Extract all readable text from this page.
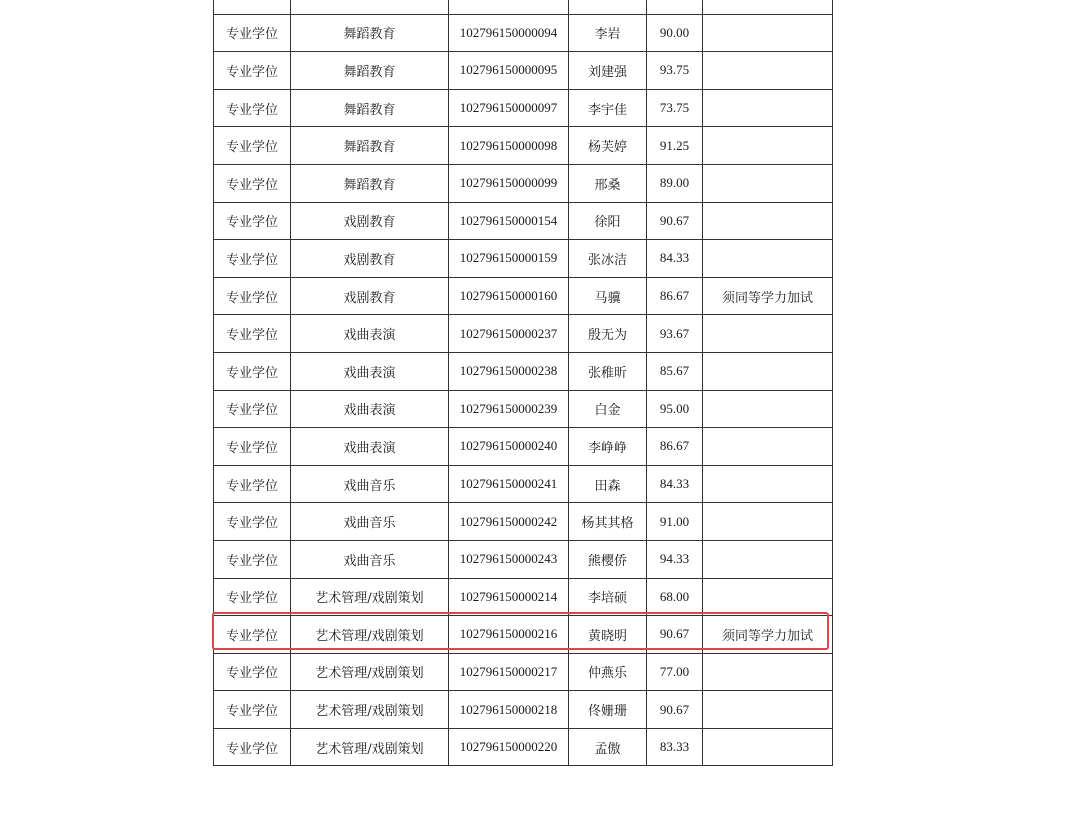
专业学位	舞蹈教育	102796150000094	李岩	90.00	
专业学位	舞蹈教育	102796150000095	刘建强	93.75	
专业学位	舞蹈教育	102796150000097	李宇佳	73.75	
专业学位	舞蹈教育	102796150000098	杨芙婷	91.25	
专业学位	舞蹈教育	102796150000099	邢桑	89.00	
专业学位	戏剧教育	102796150000154	徐阳	90.67	
专业学位	戏剧教育	102796150000159	张冰洁	84.33	
专业学位	戏剧教育	102796150000160	马骥	86.67	须同等学力加试
专业学位	戏曲表演	102796150000237	殷无为	93.67	
专业学位	戏曲表演	102796150000238	张稚昕	85.67	
专业学位	戏曲表演	102796150000239	白金	95.00	
专业学位	戏曲表演	102796150000240	李峥峥	86.67	
专业学位	戏曲音乐	102796150000241	田森	84.33	
专业学位	戏曲音乐	102796150000242	杨其其格	91.00	
专业学位	戏曲音乐	102796150000243	熊樱侨	94.33	
专业学位	艺术管理/戏剧策划	102796150000214	李培硕	68.00	
专业学位	艺术管理/戏剧策划	102796150000216	黄晓明	90.67	须同等学力加试
专业学位	艺术管理/戏剧策划	102796150000217	仲燕乐	77.00	
专业学位	艺术管理/戏剧策划	102796150000218	佟姗珊	90.67	
专业学位	艺术管理/戏剧策划	102796150000220	孟傲	83.33	
